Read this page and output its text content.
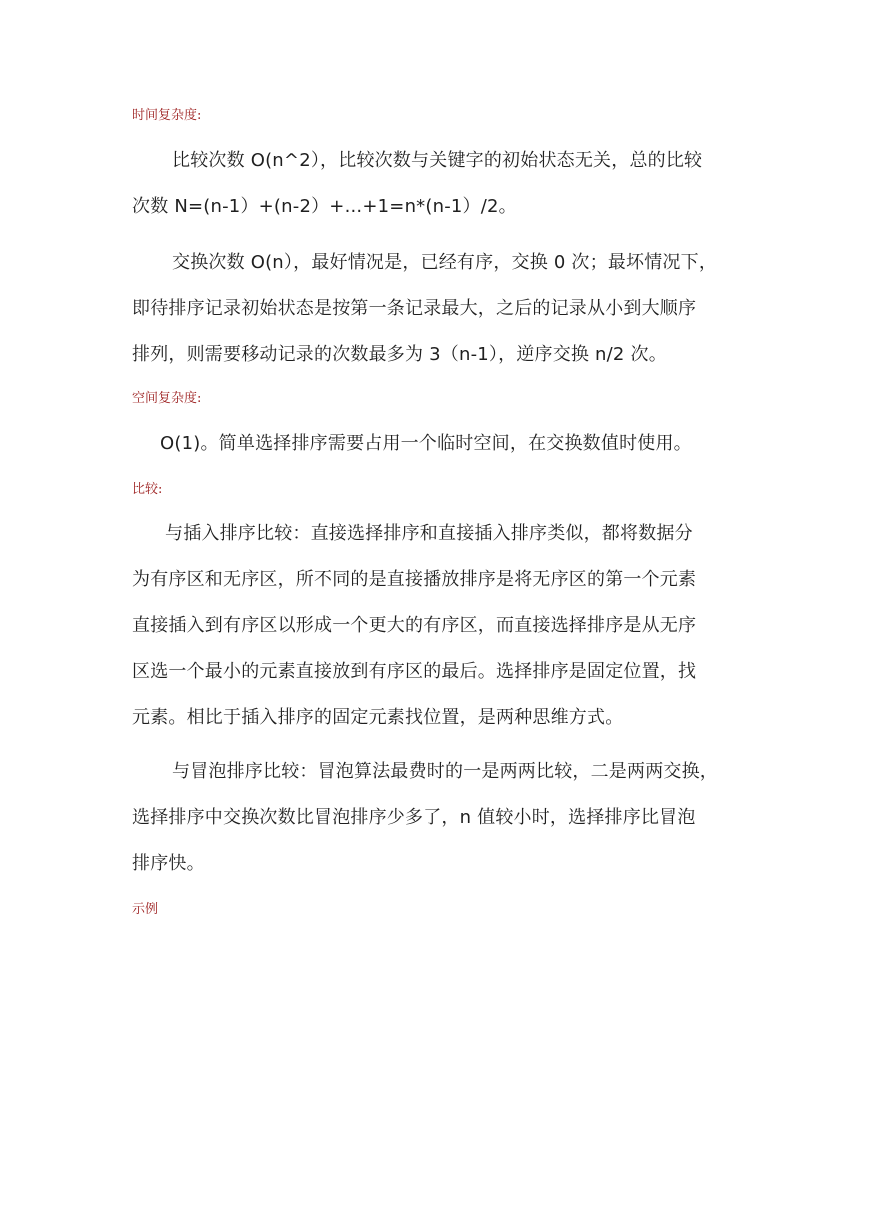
时间复杂度:
比较次数 O(n^2），比较次数与关键字的初始状态无关，总的比较
次数 N=(n-1）+(n-2）+...+1=n*(n-1）/2。
交换次数 O(n），最好情况是，已经有序，交换 0 次；最坏情况下，
即待排序记录初始状态是按第一条记录最大，之后的记录从小到大顺序
排列，则需要移动记录的次数最多为 3（n-1），逆序交换 n/2 次。
空间复杂度:
O(1)。简单选择排序需要占用一个临时空间，在交换数值时使用。
比较:
与插入排序比较：直接选择排序和直接插入排序类似，都将数据分
为有序区和无序区，所不同的是直接播放排序是将无序区的第一个元素
直接插入到有序区以形成一个更大的有序区，而直接选择排序是从无序
区选一个最小的元素直接放到有序区的最后。选择排序是固定位置，找
元素。相比于插入排序的固定元素找位置，是两种思维方式。
与冒泡排序比较：冒泡算法最费时的一是两两比较，二是两两交换，
选择排序中交换次数比冒泡排序少多了，n 值较小时，选择排序比冒泡
排序快。
示例
